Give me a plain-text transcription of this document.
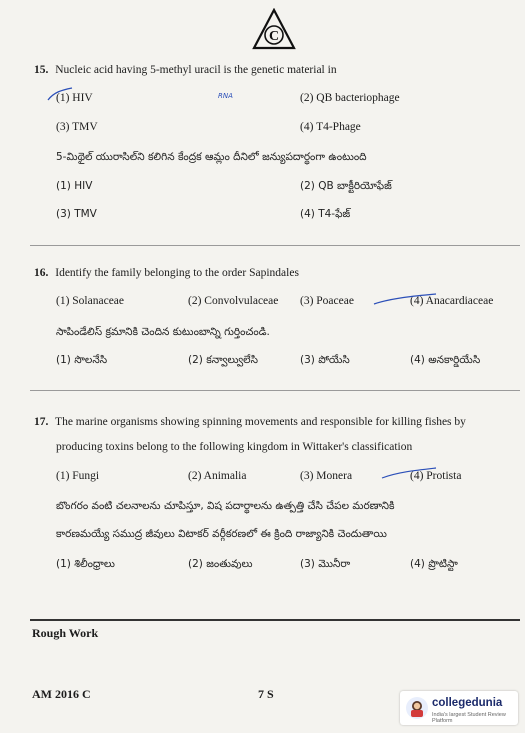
C
15. Nucleic acid having 5-methyl uracil is the genetic material in
(1) HIV	(2) QB bacteriophage
(3) TMV	(4) T4-Phage
5-మిథైల్ యురాసిల్‌ని కలిగిన కేంద్రక ఆమ్లం దీనిలో జన్యుపదార్థంగా ఉంటుంది
(1) HIV	(2) QB బాక్టీరియోఫేజ్
(3) TMV	(4) T4-ఫేజ్
RNA
16. Identify the family belonging to the order Sapindales
(1) Solanaceae	(2) Convolvulaceae (3) Poaceae	(4) Anacardiaceae
సాపిండేలిస్ క్రమానికి చెందిన కుటుంబాన్ని గుర్తించండి.
(1) సొలనేసి	(2) కన్వాల్వులేసి	(3) పోయేసి	(4) అనకార్డియేసి
17. The marine organisms showing spinning movements and responsible for killing fishes by
producing toxins belong to the following kingdom in Wittaker's classification
(1) Fungi	(2) Animalia	(3) Monera	(4) Protista
బొంగరం వంటి చలనాలను చూపిస్తూ, విష పదార్థాలను ఉత్పత్తి చేసి చేపల మరణానికి
కారణమయ్యే సముద్ర జీవులు విటాకర్ వర్గీకరణలో ఈ క్రింది రాజ్యానికి చెందుతాయి
(1) శిలీంధ్రాలు	(2) జంతువులు	(3) మొనీరా	(4) ప్రొటిస్టా
Rough Work
AM 2016 C	7 S
collegedunia
India's largest Student Review Platform
